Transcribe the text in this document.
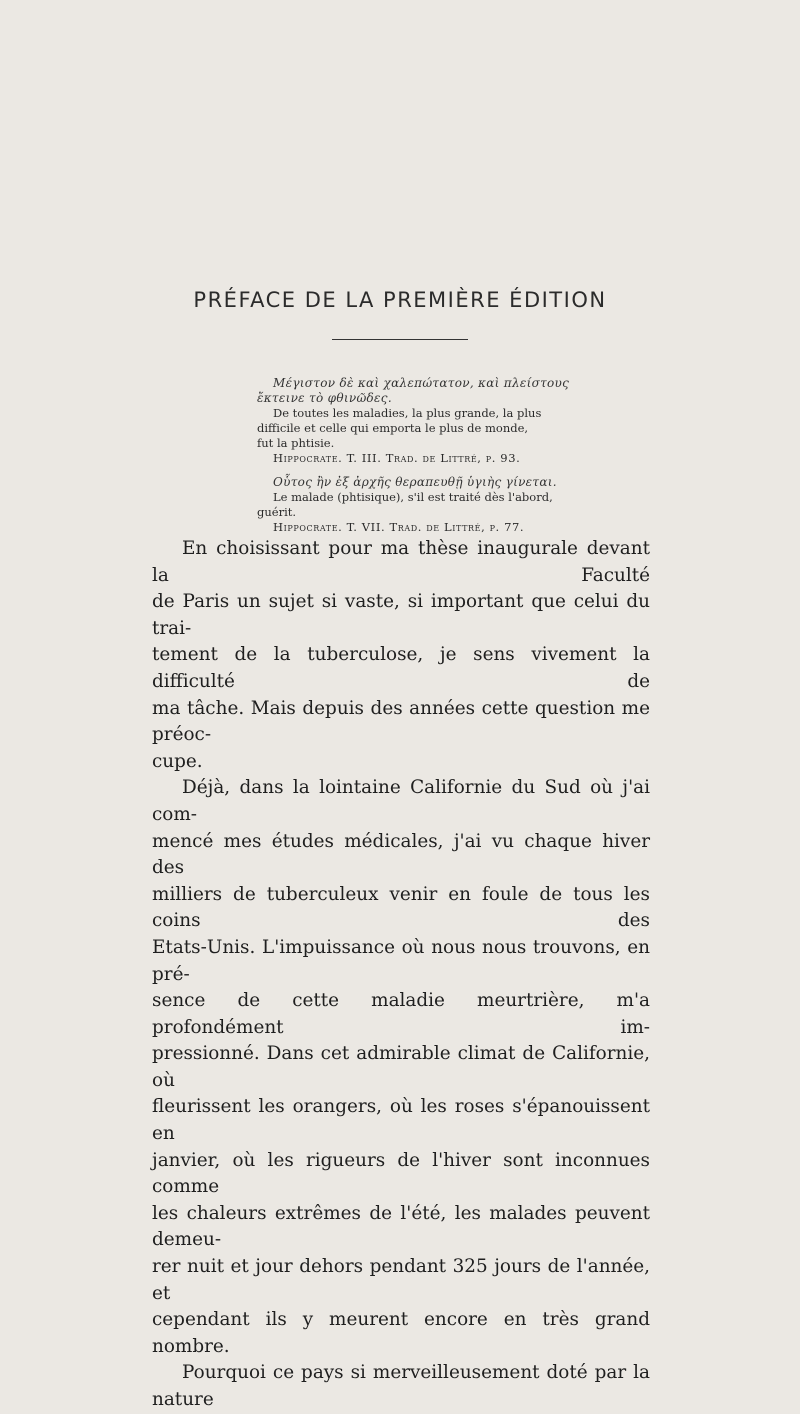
PRÉFACE DE LA PREMIÈRE ÉDITION
Μέγιστον δὲ καὶ χαλεπώτατον, καὶ πλείστους
ἔκτεινε τὸ φθινῶδες.
De toutes les maladies, la plus grande, la plus
difficile et celle qui emporta le plus de monde,
fut la phtisie.
Hippocrate. T. III. Trad. de Littré, p. 93.
Οὗτος ἢν ἐξ ἀρχῆς θεραπευθῇ ὑγιὴς γίνεται.
Le malade (phtisique), s'il est traité dès l'abord,
guérit.
Hippocrate. T. VII. Trad. de Littré, p. 77.

En choisissant pour ma thèse inaugurale devant la Faculté
de Paris un sujet si vaste, si important que celui du trai-
tement de la tuberculose, je sens vivement la difficulté de
ma tâche. Mais depuis des années cette question me préoc-
cupe.

Déjà, dans la lointaine Californie du Sud où j'ai com-
mencé mes études médicales, j'ai vu chaque hiver des
milliers de tuberculeux venir en foule de tous les coins des
Etats-Unis. L'impuissance où nous nous trouvons, en pré-
sence de cette maladie meurtrière, m'a profondément im-
pressionné. Dans cet admirable climat de Californie, où
fleurissent les orangers, où les roses s'épanouissent en
janvier, où les rigueurs de l'hiver sont inconnues comme
les chaleurs extrêmes de l'été, les malades peuvent demeu-
rer nuit et jour dehors pendant 325 jours de l'année, et
cependant ils y meurent encore en très grand nombre.
Pourquoi ce pays si merveilleusement doté par la nature
